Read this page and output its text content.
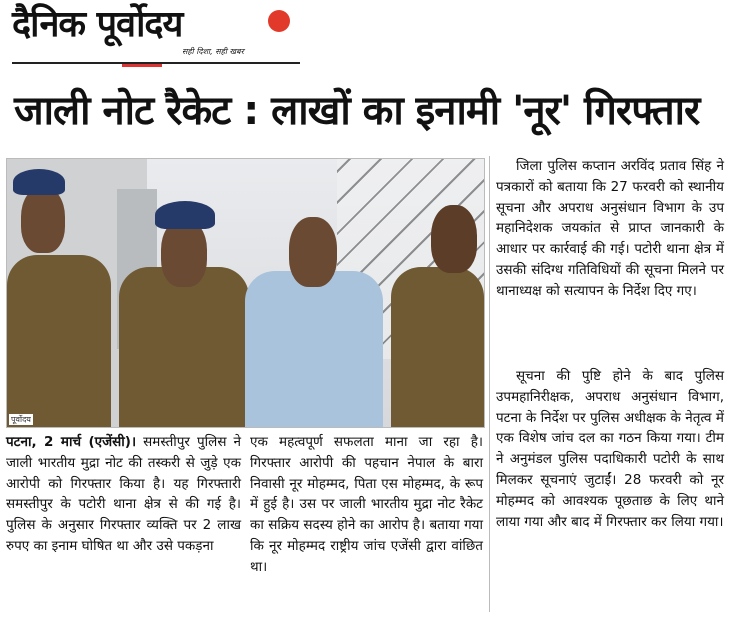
दैनिक पूर्वोदय
सही दिशा, सही खबर
जाली नोट रैकेट : लाखों का इनामी 'नूर' गिरफ्तार
पूर्वोदय

पटना, 2 मार्च (एजेंसी)। समस्तीपुर पुलिस ने जाली भारतीय मुद्रा नोट की तस्करी से जुड़े एक आरोपी को गिरफ्तार किया है। यह गिरफ्तारी समस्तीपुर के पटोरी थाना क्षेत्र से की गई है। पुलिस के अनुसार गिरफ्तार व्यक्ति पर 2 लाख रुपए का इनाम घोषित था और उसे पकड़ना

एक महत्वपूर्ण सफलता माना जा रहा है। गिरफ्तार आरोपी की पहचान नेपाल के बारा निवासी नूर मोहम्मद, पिता एस मोहम्मद, के रूप में हुई है। उस पर जाली भारतीय मुद्रा नोट रैकेट का सक्रिय सदस्य होने का आरोप है। बताया गया कि नूर मोहम्मद राष्ट्रीय जांच एजेंसी द्वारा वांछित था।

जिला पुलिस कप्तान अरविंद प्रताव सिंह ने पत्रकारों को बताया कि 27 फरवरी को स्थानीय सूचना और अपराध अनुसंधान विभाग के उप महानिदेशक जयकांत से प्राप्त जानकारी के आधार पर कार्रवाई की गई। पटोरी थाना क्षेत्र में उसकी संदिग्ध गतिविधियों की सूचना मिलने पर थानाध्यक्ष को सत्यापन के निर्देश दिए गए।

सूचना की पुष्टि होने के बाद पुलिस उपमहानिरीक्षक, अपराध अनुसंधान विभाग, पटना के निर्देश पर पुलिस अधीक्षक के नेतृत्व में एक विशेष जांच दल का गठन किया गया। टीम ने अनुमंडल पुलिस पदाधिकारी पटोरी के साथ मिलकर सूचनाएं जुटाईं। 28 फरवरी को नूर मोहम्मद को आवश्यक पूछताछ के लिए थाने लाया गया और बाद में गिरफ्तार कर लिया गया।
